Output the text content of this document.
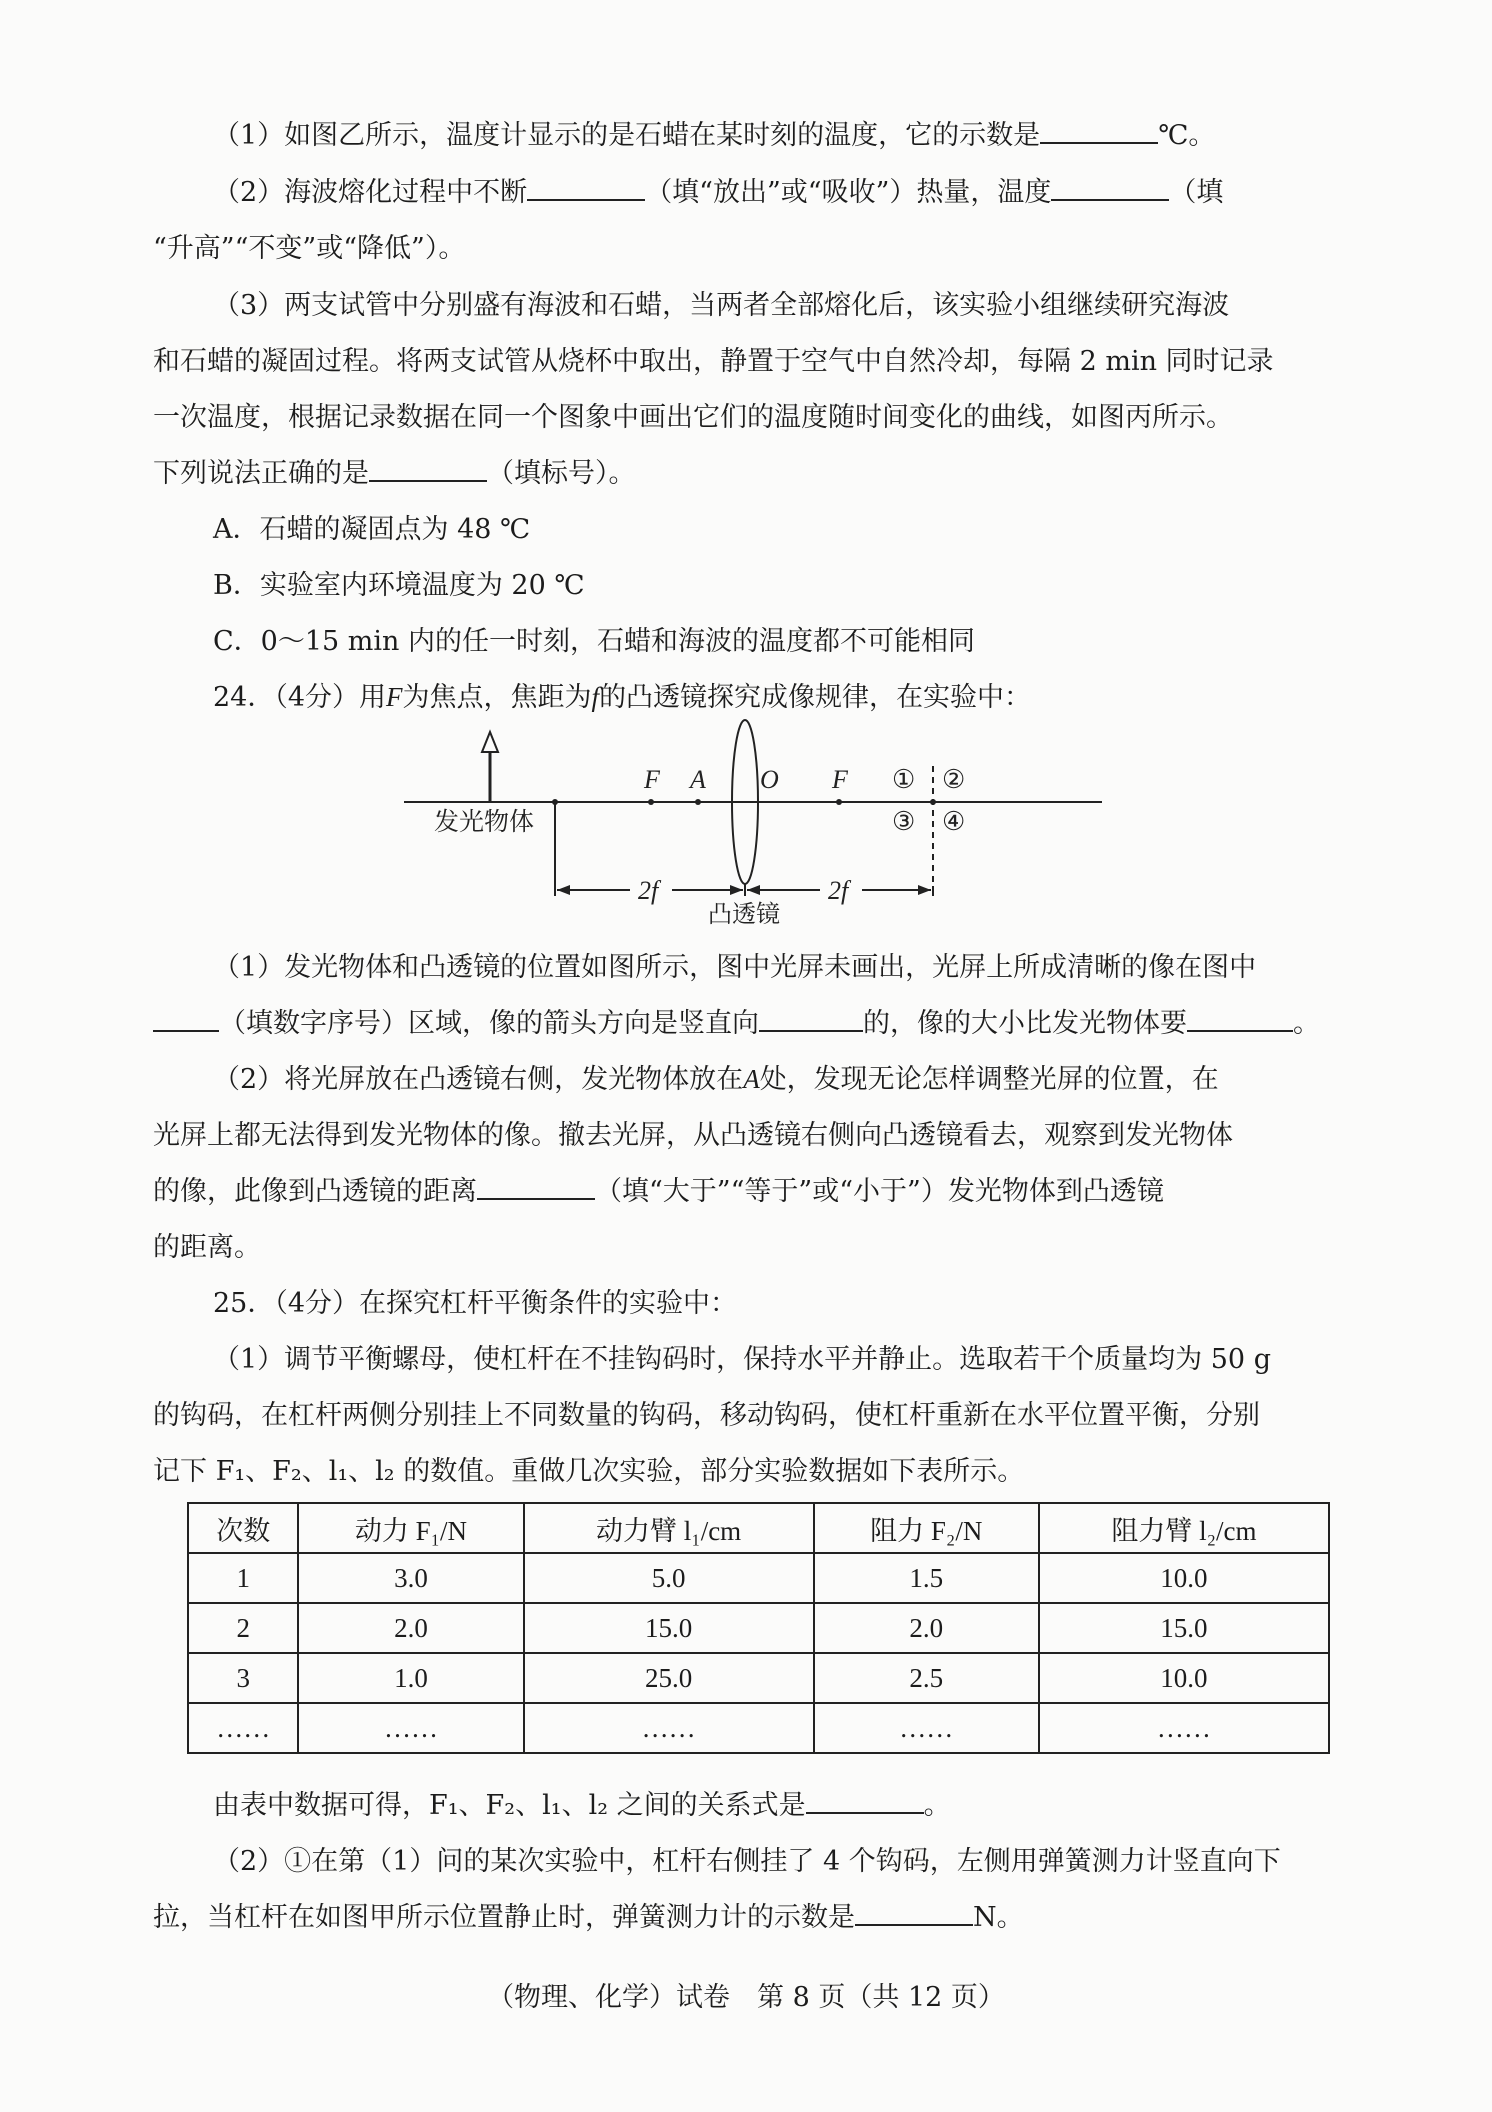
（1）如图乙所示，温度计显示的是石蜡在某时刻的温度，它的示数是	℃。

（2）海波熔化过程中不断	（填“放出”或“吸收”）热量，温度	（填

“升高”“不变”或“降低”）。

（3）两支试管中分别盛有海波和石蜡，当两者全部熔化后，该实验小组继续研究海波

和石蜡的凝固过程。将两支试管从烧杯中取出，静置于空气中自然冷却，每隔 2 min 同时记录

一次温度，根据记录数据在同一个图象中画出它们的温度随时间变化的曲线，如图丙所示。

下列说法正确的是	（填标号）。

A．石蜡的凝固点为 48 ℃

B．实验室内环境温度为 20 ℃

C．0～15 min 内的任一时刻，石蜡和海波的温度都不可能相同

24．（4分）用F为焦点，焦距为f的凸透镜探究成像规律，在实验中：

F A O F ① ②
③ ④
发光物体
2f	2f
凸透镜

（1）发光物体和凸透镜的位置如图所示，图中光屏未画出，光屏上所成清晰的像在图中

（填数字序号）区域，像的箭头方向是竖直向	的，像的大小比发光物体要	。

（2）将光屏放在凸透镜右侧，发光物体放在A处，发现无论怎样调整光屏的位置，在

光屏上都无法得到发光物体的像。撤去光屏，从凸透镜右侧向凸透镜看去，观察到发光物体

的像，此像到凸透镜的距离	（填“大于”“等于”或“小于”）发光物体到凸透镜

的距离。

25．（4分）在探究杠杆平衡条件的实验中：

（1）调节平衡螺母，使杠杆在不挂钩码时，保持水平并静止。选取若干个质量均为 50 g

的钩码，在杠杆两侧分别挂上不同数量的钩码，移动钩码，使杠杆重新在水平位置平衡，分别

记下 F₁、F₂、l₁、l₂ 的数值。重做几次实验，部分实验数据如下表所示。

次数	动力 F₁/N	动力臂 l₁/cm	阻力 F₂/N	阻力臂 l₂/cm
1	3.0	5.0	1.5	10.0
2	2.0	15.0	2.0	15.0
3	1.0	25.0	2.5	10.0
……	……	……	……	……

由表中数据可得，F₁、F₂、l₁、l₂ 之间的关系式是	。

（2）①在第（1）问的某次实验中，杠杆右侧挂了 4 个钩码，左侧用弹簧测力计竖直向下

拉，当杠杆在如图甲所示位置静止时，弹簧测力计的示数是	N。

（物理、化学）试卷　第 8 页（共 12 页）
